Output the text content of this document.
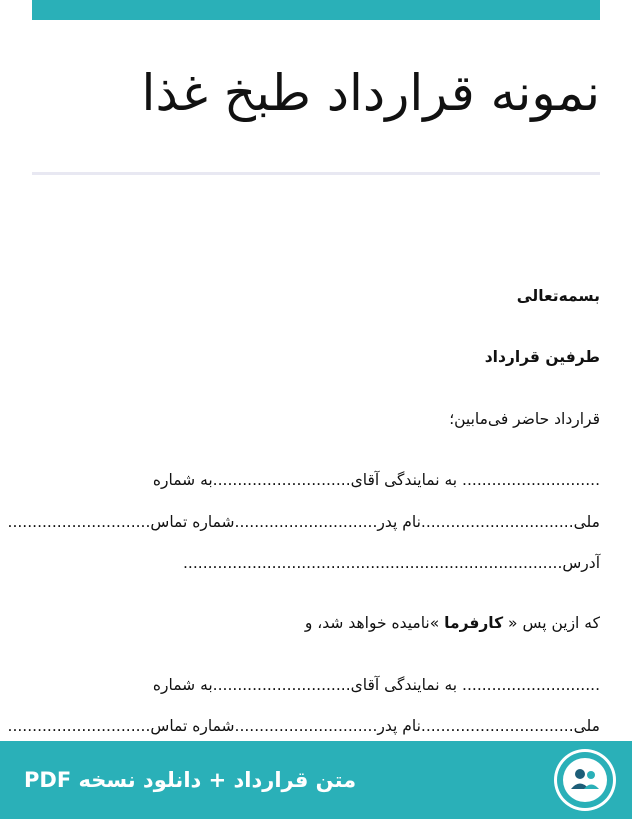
نمونه قرارداد طبخ غذا
بسمه‌تعالی
طرفین قرارداد
قرارداد حاضر فی‌مابین؛
............................ به نمایندگی آقای............................به شماره
ملی...............................نام پدر.............................شماره تماس.............................
آدرس.............................................................................
که ازین پس « کارفرما »نامیده خواهد شد، و
............................ به نمایندگی آقای............................به شماره
ملی...............................نام پدر.............................شماره تماس.............................
متن قرارداد + دانلود نسخه PDF
